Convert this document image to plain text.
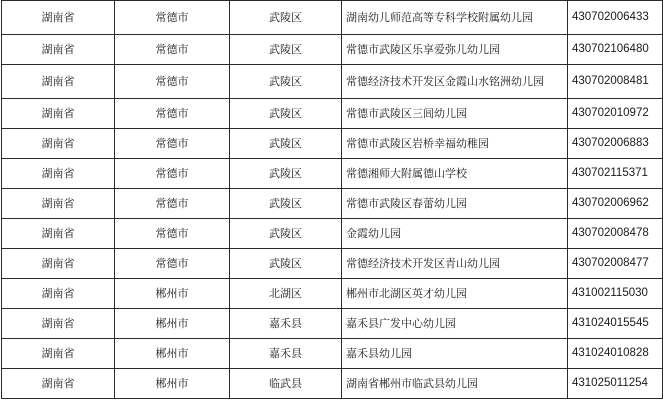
湖南省	常德市	武陵区	湖南幼儿师范高等专科学校附属幼儿园	430702006433
湖南省	常德市	武陵区	常德市武陵区乐享爱弥儿幼儿园	430702106480
湖南省	常德市	武陵区	常德经济技术开发区金霞山水铭洲幼儿园	430702008481
湖南省	常德市	武陵区	常德市武陵区三闾幼儿园	430702010972
湖南省	常德市	武陵区	常德市武陵区岩桥幸福幼稚园	430702006883
湖南省	常德市	武陵区	常德湘师大附属德山学校	430702115371
湖南省	常德市	武陵区	常德市武陵区春蕾幼儿园	430702006962
湖南省	常德市	武陵区	金霞幼儿园	430702008478
湖南省	常德市	武陵区	常德经济技术开发区青山幼儿园	430702008477
湖南省	郴州市	北湖区	郴州市北湖区英才幼儿园	431002115030
湖南省	郴州市	嘉禾县	嘉禾县广发中心幼儿园	431024015545
湖南省	郴州市	嘉禾县	嘉禾县幼儿园	431024010828
湖南省	郴州市	临武县	湖南省郴州市临武县幼儿园	431025011254
